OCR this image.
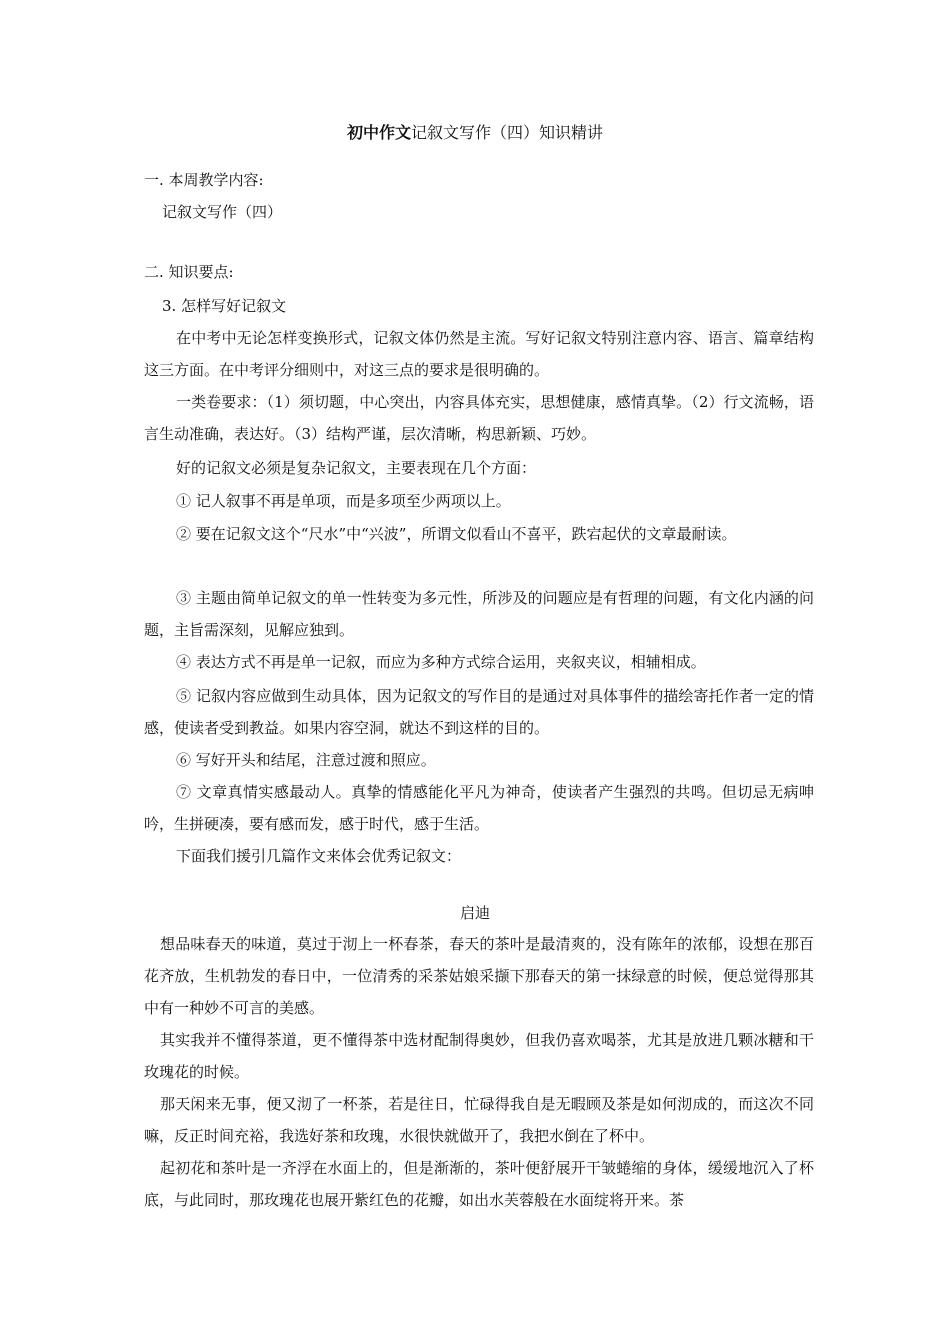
初中作文记叙文写作（四）知识精讲
一. 本周教学内容:
记叙文写作（四）
二. 知识要点:
3. 怎样写好记叙文
在中考中无论怎样变换形式，记叙文体仍然是主流。写好记叙文特别注意内容、语言、篇章结构这三方面。在中考评分细则中，对这三点的要求是很明确的。
一类卷要求：（1）须切题，中心突出，内容具体充实，思想健康，感情真挚。（2）行文流畅，语言生动准确，表达好。（3）结构严谨，层次清晰，构思新颖、巧妙。
好的记叙文必须是复杂记叙文，主要表现在几个方面：
① 记人叙事不再是单项，而是多项至少两项以上。
② 要在记叙文这个“尺水”中“兴波”，所谓文似看山不喜平，跌宕起伏的文章最耐读。
③ 主题由简单记叙文的单一性转变为多元性，所涉及的问题应是有哲理的问题，有文化内涵的问题，主旨需深刻，见解应独到。
④ 表达方式不再是单一记叙，而应为多种方式综合运用，夹叙夹议，相辅相成。
⑤ 记叙内容应做到生动具体，因为记叙文的写作目的是通过对具体事件的描绘寄托作者一定的情感，使读者受到教益。如果内容空洞，就达不到这样的目的。
⑥ 写好开头和结尾，注意过渡和照应。
⑦ 文章真情实感最动人。真挚的情感能化平凡为神奇，使读者产生强烈的共鸣。但切忌无病呻吟，生拼硬凑，要有感而发，感于时代，感于生活。
下面我们援引几篇作文来体会优秀记叙文：
启迪
想品味春天的味道，莫过于沏上一杯春茶，春天的茶叶是最清爽的，没有陈年的浓郁，设想在那百花齐放，生机勃发的春日中，一位清秀的采茶姑娘采撷下那春天的第一抹绿意的时候，便总觉得那其中有一种妙不可言的美感。
其实我并不懂得茶道，更不懂得茶中选材配制得奥妙，但我仍喜欢喝茶，尤其是放进几颗冰糖和干玫瑰花的时候。
那天闲来无事，便又沏了一杯茶，若是往日，忙碌得我自是无暇顾及茶是如何沏成的，而这次不同嘛，反正时间充裕，我选好茶和玫瑰，水很快就做开了，我把水倒在了杯中。
起初花和茶叶是一齐浮在水面上的，但是渐渐的，茶叶便舒展开干皱蜷缩的身体，缓缓地沉入了杯底，与此同时，那玫瑰花也展开紫红色的花瓣，如出水芙蓉般在水面绽将开来。茶
